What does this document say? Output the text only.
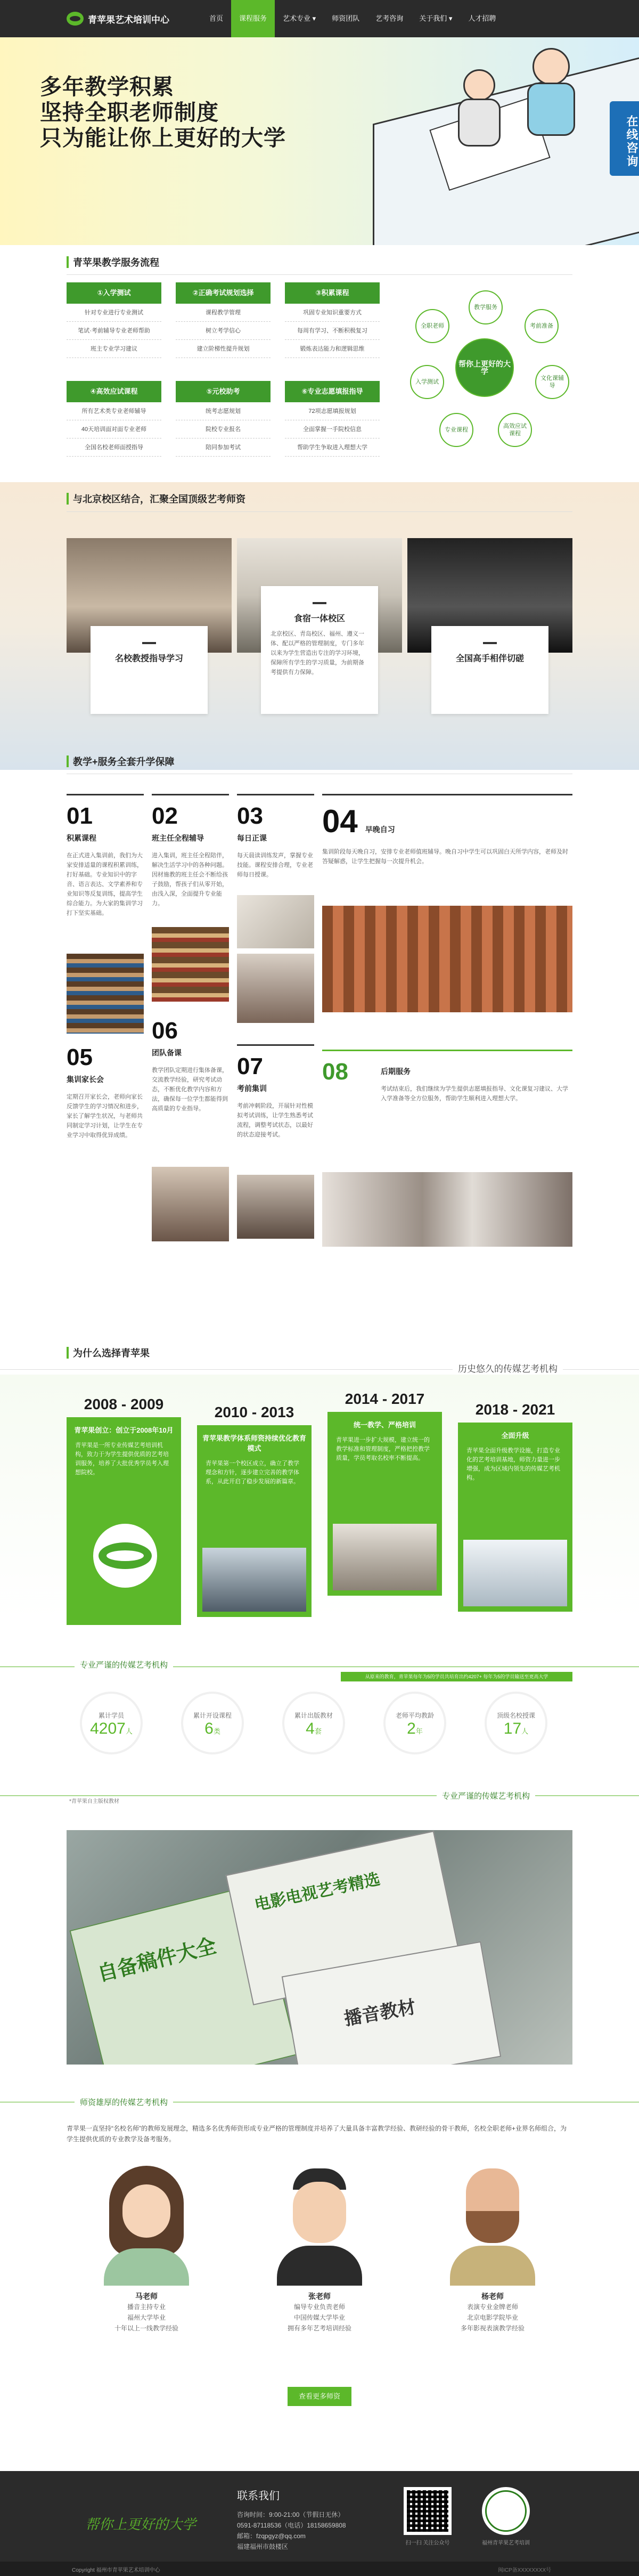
青苹果艺术培训中心	首页	课程服务	艺术专业 ▾	师资团队	艺考咨询	关于我们 ▾	人才招聘
多年教学积累
坚持全职老师制度
只为能让你上更好的大学	在线咨询
青苹果教学服务流程
①入学测试
针对专业进行专业测试
笔试·考前辅导专业老师帮助
班主专业学习建议
②正确考试规划选择
课程教学管理
树立考学信心
建立阶梯性提升规划
③积累课程
巩固专业知识重要方式
每周有学习、不断积极复习
锻炼表达能力和逻辑思维
④高效应试课程
所有艺术类专业老师辅导
40天培训面对面专业老师
全国名校老师面授指导
⑤元校助考
统考志愿规划
院校专业报名
陪同参加考试
⑥专业志愿填报指导
72项志愿填报规划
全面掌握一手院校信息
帮助学生争取进入理想大学
帮你上更好的大学
教学服务
考前准备
文化课辅导
高效应试课程
专业课程
入学测试
全职老师
与北京校区结合，汇聚全国顶级艺考师资
名校教授指导学习
食宿一体校区
北京校区、青岛校区、福州、遵义一体、配以严格的管理制度，专门多年以来为学生营造出专注的学习环境，保障所有学生的学习质量，为前期备考提供有力保障。
全国高手相伴切磋
教学+服务全套升学保障
01
积累课程
在正式进入集训前，我们为大家安排适量的课程积累训练，打好基础。专业知识中的字音、语言表达、文学素养和专业知识等反复训练，提高学生综合能力。为大家的集训学习打下坚实基础。
02
班主任全程辅导
进入集训，班主任全程陪伴，解决生活学习中的各种问题。因材施教的班主任会不断给孩子鼓励，帮孩子们从零开始，由浅入深，全面提升专业能力。
03
每日正课
每天晨读训练发声，掌握专业技能。课程安排合理，专业老师每日授课。
04 早晚自习
集训阶段每天晚自习，安排专业老师值班辅导。晚自习中学生可以巩固白天所学内容，老师及时答疑解惑，让学生把握每一次提升机会。
05
集训家长会
定期召开家长会，老师向家长反馈学生的学习情况和进步，家长了解学生状况，与老师共同制定学习计划，让学生在专业学习中取得优异成绩。
06
团队备课
教学团队定期进行集体备课，交流教学经验，研究考试动态，不断优化教学内容和方法，确保每一位学生都能得到高质量的专业指导。
07
考前集训
考前冲刺阶段，开展针对性模拟考试训练，让学生熟悉考试流程，调整考试状态，以最好的状态迎接考试。
08	后期服务
考试结束后，我们继续为学生提供志愿填报指导、文化课复习建议、大学入学准备等全方位服务，帮助学生顺利进入理想大学。
为什么选择青苹果
历史悠久的传媒艺考机构
2008 - 2009
青苹果创立：创立于2008年10月
青苹果是一所专业传媒艺考培训机构，致力于为学生提供优质的艺考培训服务，培养了大批优秀学员考入理想院校。
2010 - 2013
青苹果教学体系师资持续优化教育模式
青苹果第一个校区成立，确立了教学理念和方针，逐步建立完善的教学体系，从此开启了稳步发展的新篇章。
2014 - 2017
统一教学、严格培训
青苹果进一步扩大规模，建立统一的教学标准和管理制度，严格把控教学质量，学员考取名校率不断提高。
2018 - 2021
全面升级
青苹果全面升级教学设施，打造专业化的艺考培训基地，师资力量进一步增强，成为区域内领先的传媒艺考机构。
专业严谨的传媒艺考机构
从原来的教育，青苹果每年为5的学员共培育出约4207+ 每年为5的学员输送至更高大学
累计学员
4207人
累计开设课程
6类
累计出版教材
4套
老师平均教龄
2年
顶级名校授课
17人
*青苹果自主版权教材
专业严谨的传媒艺考机构
自备稿件大全
电影电视艺考精选
播音教材
师资雄厚的传媒艺考机构
青苹果一直坚持“名校名师”的教师发展理念，精选多名优秀师资形成专业严格的管理制度并培养了大量具备丰富教学经验、教研经验的骨干教师，名校全职老师+业界名师组合，为学生提供优质的专业教学及备考服务。
马老师
播音主持专业
福州大学毕业
十年以上一线教学经验
张老师
编导专业负责老师
中国传媒大学毕业
拥有多年艺考培训经验
杨老师
表演专业金牌老师
北京电影学院毕业
多年影视表演教学经验
查看更多师资
帮你上更好的大学
联系我们
咨询时间：9:00-21:00（节假日无休）
0591-87118536（电话）18158659808
邮箱：fzqpgyz@qq.com
福建福州市鼓楼区	扫一扫 关注公众号	福州青苹果艺考培训
Copyright 福州市青苹果艺术培训中心	闽ICP备XXXXXXXX号
